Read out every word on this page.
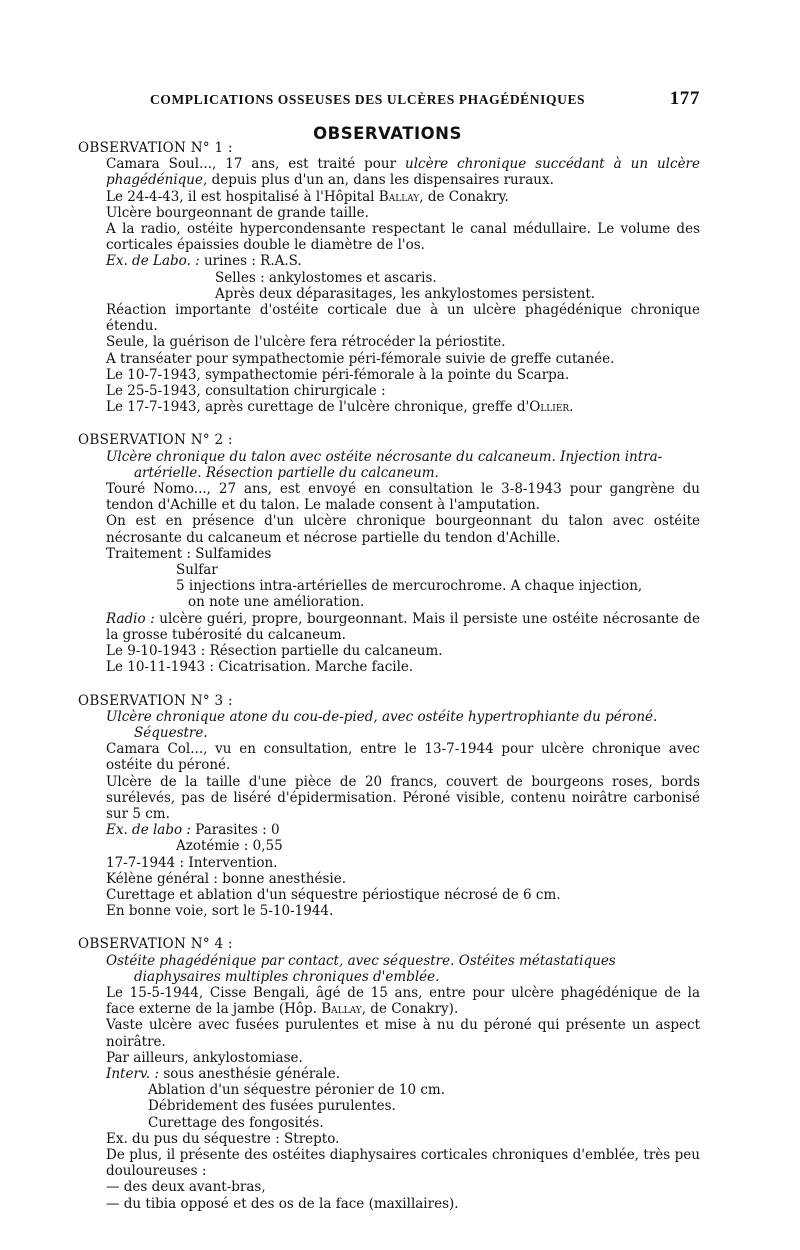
COMPLICATIONS OSSEUSES DES ULCÈRES PHAGÉDÉNIQUES	177
OBSERVATIONS
OBSERVATION N° 1 :
Camara Soul..., 17 ans, est traité pour ulcère chronique succédant à un ulcère phagédénique, depuis plus d'un an, dans les dispensaires ruraux.
Le 24-4-43, il est hospitalisé à l'Hôpital Ballay, de Conakry.
Ulcère bourgeonnant de grande taille.
A la radio, ostéite hypercondensante respectant le canal médullaire. Le volume des corticales épaissies double le diamètre de l'os.
Ex. de Labo. : urines : R.A.S.
Selles : ankylostomes et ascaris.
Après deux déparasitages, les ankylostomes persistent.
Réaction importante d'ostéite corticale due à un ulcère phagédénique chronique étendu.
Seule, la guérison de l'ulcère fera rétrocéder la périostite.
A transéater pour sympathectomie péri-fémorale suivie de greffe cutanée.
Le 10-7-1943, sympathectomie péri-fémorale à la pointe du Scarpa.
Le 25-5-1943, consultation chirurgicale :
Le 17-7-1943, après curettage de l'ulcère chronique, greffe d'Ollier.
OBSERVATION N° 2 :
Ulcère chronique du talon avec ostéite nécrosante du calcaneum. Injection intra-
artérielle. Résection partielle du calcaneum.
Touré Nomo..., 27 ans, est envoyé en consultation le 3-8-1943 pour gangrène du tendon d'Achille et du talon. Le malade consent à l'amputation.
On est en présence d'un ulcère chronique bourgeonnant du talon avec ostéite nécrosante du calcaneum et nécrose partielle du tendon d'Achille.
Traitement : Sulfamides
Sulfar
5 injections intra-artérielles de mercurochrome. A chaque injection,
on note une amélioration.
Radio : ulcère guéri, propre, bourgeonnant. Mais il persiste une ostéite nécrosante de la grosse tubérosité du calcaneum.
Le 9-10-1943 : Résection partielle du calcaneum.
Le 10-11-1943 : Cicatrisation. Marche facile.
OBSERVATION N° 3 :
Ulcère chronique atone du cou-de-pied, avec ostéite hypertrophiante du péroné.
Séquestre.
Camara Col..., vu en consultation, entre le 13-7-1944 pour ulcère chronique avec ostéite du péroné.
Ulcère de la taille d'une pièce de 20 francs, couvert de bourgeons roses, bords surélevés, pas de liséré d'épidermisation. Péroné visible, contenu noirâtre carbonisé sur 5 cm.
Ex. de labo : Parasites : 0
Azotémie : 0,55
17-7-1944 : Intervention.
Kélène général : bonne anesthésie.
Curettage et ablation d'un séquestre périostique nécrosé de 6 cm.
En bonne voie, sort le 5-10-1944.
OBSERVATION N° 4 :
Ostéite phagédénique par contact, avec séquestre. Ostéites métastatiques
diaphysaires multiples chroniques d'emblée.
Le 15-5-1944, Cisse Bengali, âgé de 15 ans, entre pour ulcère phagédénique de la face externe de la jambe (Hôp. Ballay, de Conakry).
Vaste ulcère avec fusées purulentes et mise à nu du péroné qui présente un aspect noirâtre.
Par ailleurs, ankylostomiase.
Interv. : sous anesthésie générale.
Ablation d'un séquestre péronier de 10 cm.
Débridement des fusées purulentes.
Curettage des fongosités.
Ex. du pus du séquestre : Strepto.
De plus, il présente des ostéites diaphysaires corticales chroniques d'emblée, très peu douloureuses :
— des deux avant-bras,
— du tibia opposé et des os de la face (maxillaires).
